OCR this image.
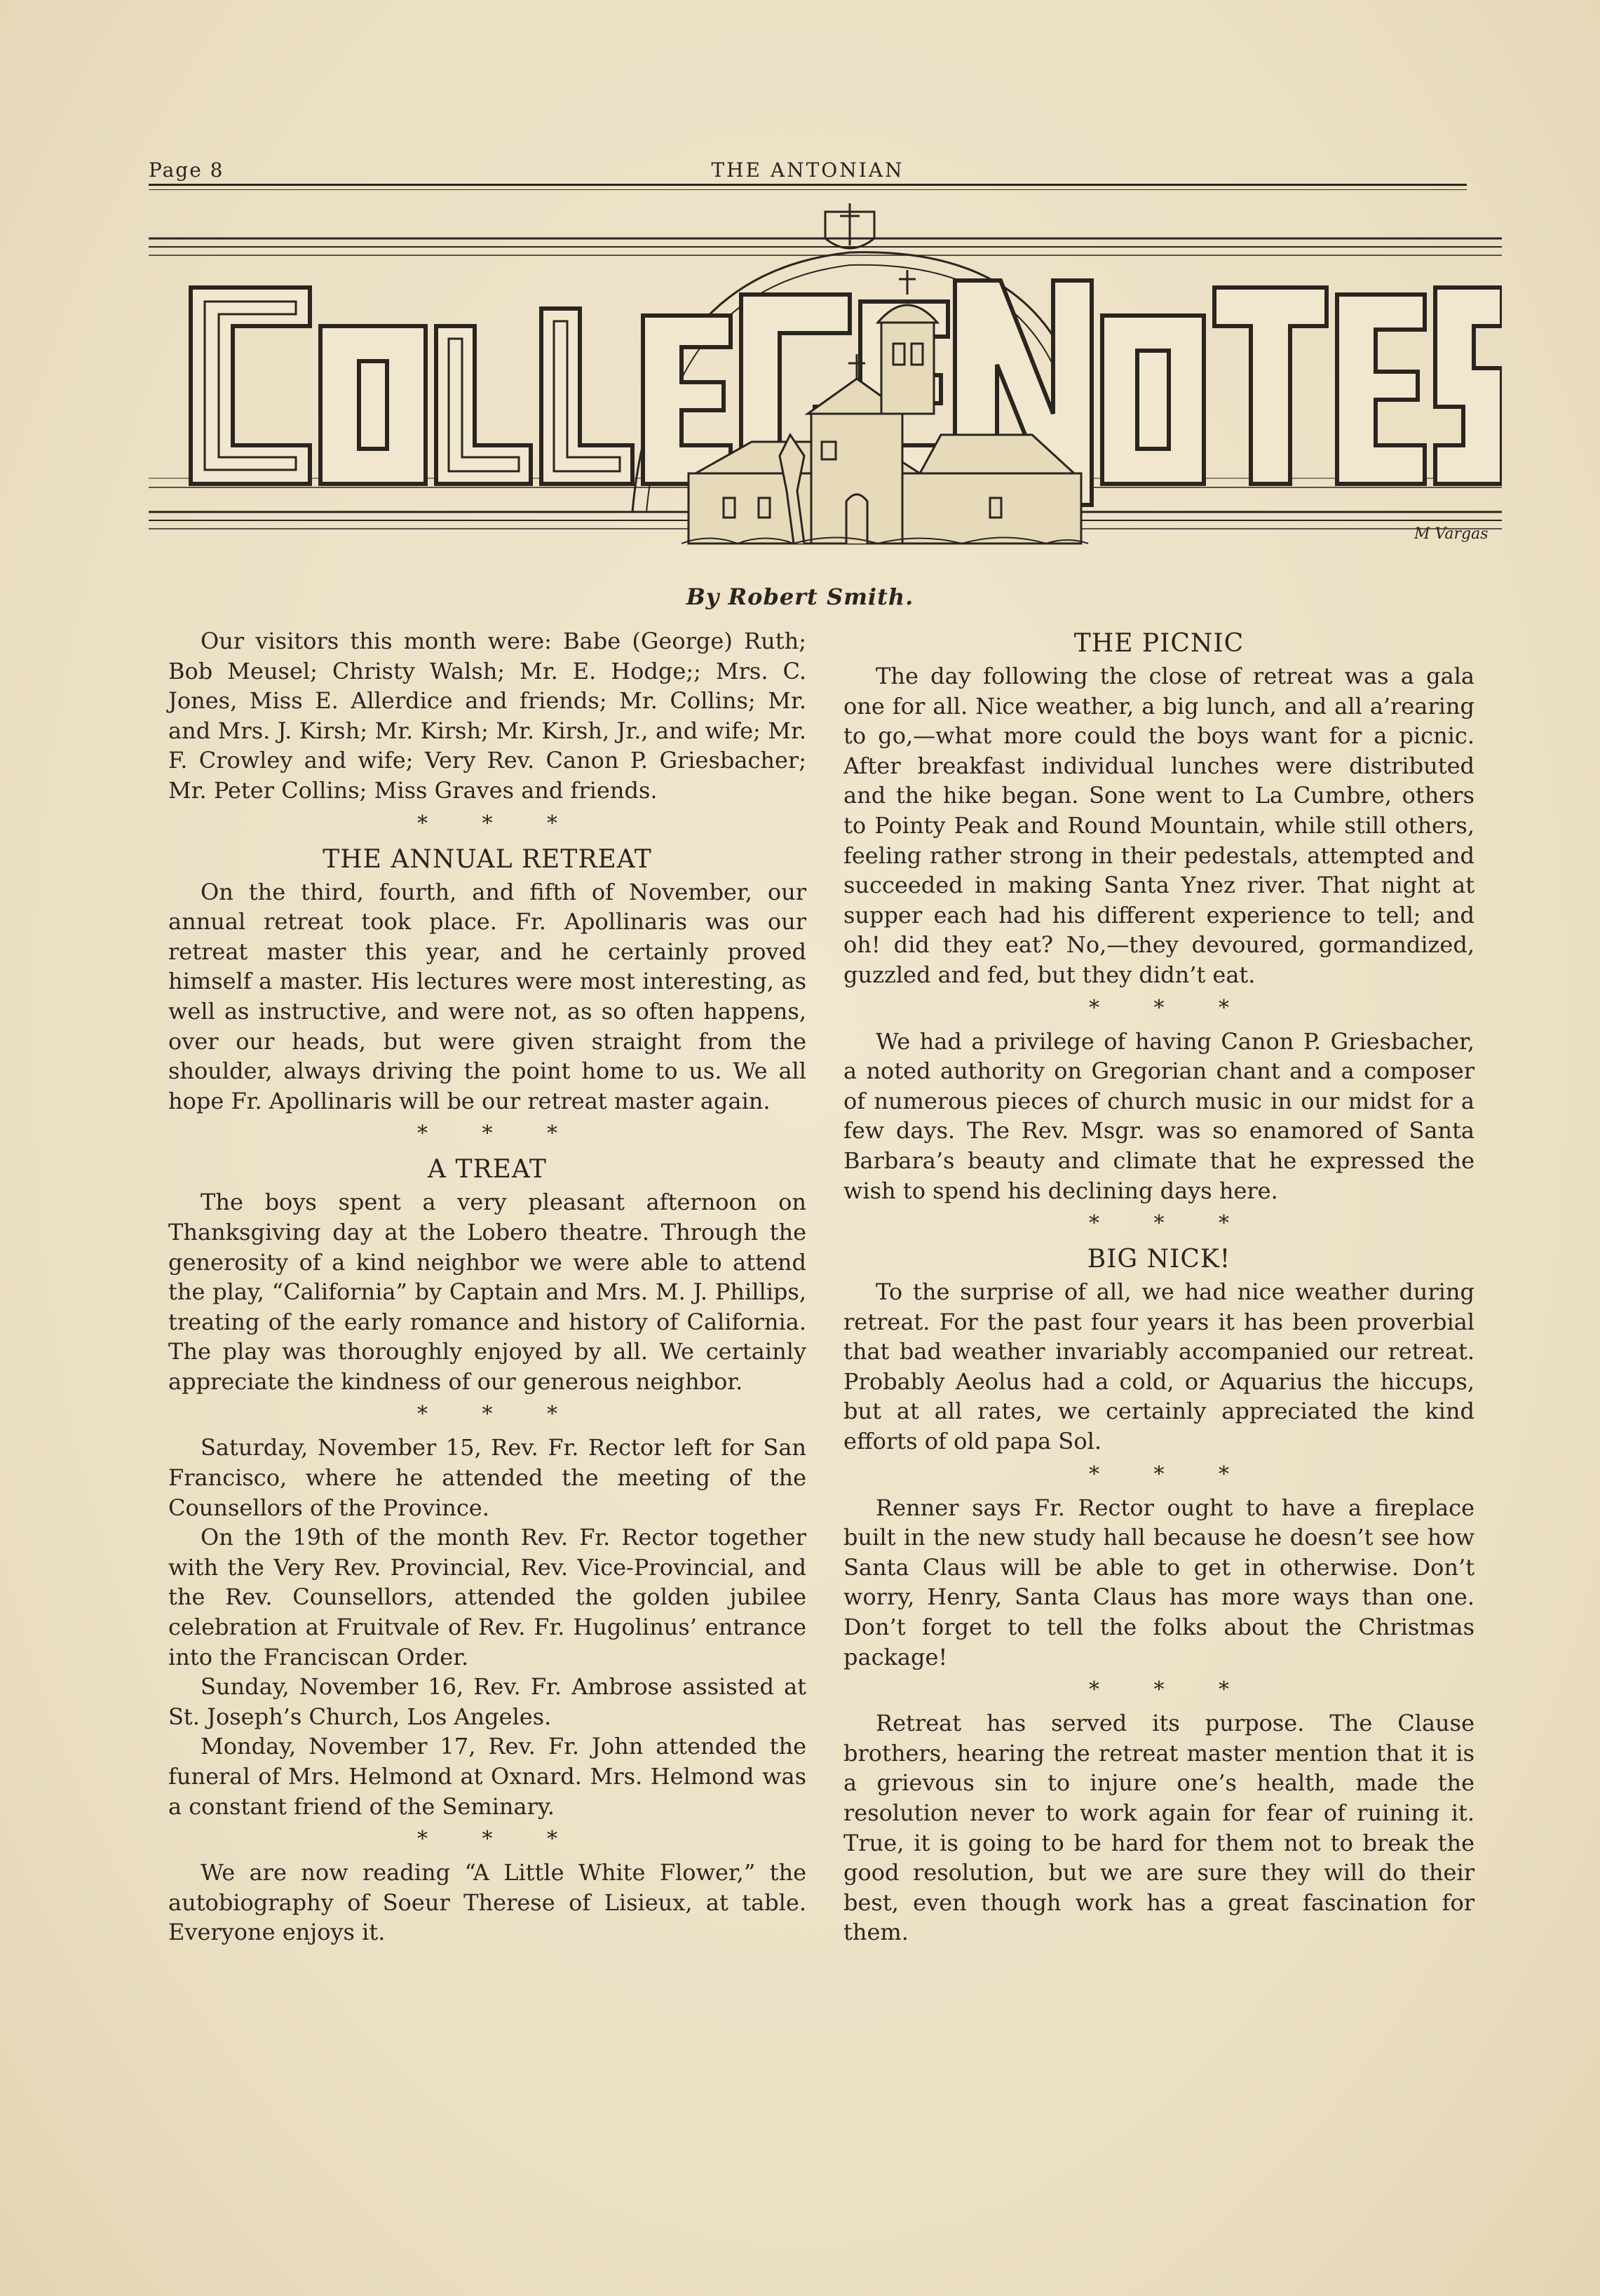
Page 8	THE ANTONIAN
M Vargas
By Robert Smith.

Our visitors this month were: Babe (George) Ruth; Bob Meusel; Christy Walsh; Mr. E. Hodge;; Mrs. C. Jones, Miss E. Allerdice and friends; Mr. Collins; Mr. and Mrs. J. Kirsh; Mr. Kirsh; Mr. Kirsh, Jr., and wife; Mr. F. Crowley and wife; Very Rev. Canon P. Griesbacher; Mr. Peter Collins; Miss Graves and friends.

* * *
THE ANNUAL RETREAT

On the third, fourth, and fifth of November, our annual retreat took place. Fr. Apollinaris was our retreat master this year, and he certainly proved himself a master. His lectures were most interesting, as well as instructive, and were not, as so often happens, over our heads, but were given straight from the shoulder, always driving the point home to us. We all hope Fr. Apollinaris will be our retreat master again.

* * *
A TREAT

The boys spent a very pleasant afternoon on Thanksgiving day at the Lobero theatre. Through the generosity of a kind neighbor we were able to attend the play, “California” by Captain and Mrs. M. J. Phillips, treating of the early romance and history of California. The play was thoroughly enjoyed by all. We certainly appreciate the kindness of our generous neighbor.

* * *

Saturday, November 15, Rev. Fr. Rector left for San Francisco, where he attended the meeting of the Counsellors of the Province.

On the 19th of the month Rev. Fr. Rector together with the Very Rev. Provincial, Rev. Vice-Provincial, and the Rev. Counsellors, attended the golden jubilee celebration at Fruitvale of Rev. Fr. Hugolinus’ entrance into the Franciscan Order.

Sunday, November 16, Rev. Fr. Ambrose assisted at St. Joseph’s Church, Los Angeles.

Monday, November 17, Rev. Fr. John attended the funeral of Mrs. Helmond at Oxnard. Mrs. Helmond was a constant friend of the Seminary.

* * *

We are now reading “A Little White Flower,” the autobiography of Soeur Therese of Lisieux, at table. Everyone enjoys it.

THE PICNIC

The day following the close of retreat was a gala one for all. Nice weather, a big lunch, and all a’rearing to go,—what more could the boys want for a picnic. After breakfast individual lunches were distributed and the hike began. Sone went to La Cumbre, others to Pointy Peak and Round Mountain, while still others, feeling rather strong in their pedestals, attempted and succeeded in making Santa Ynez river. That night at supper each had his different experience to tell; and oh! did they eat? No,—they devoured, gormandized, guzzled and fed, but they didn’t eat.

* * *

We had a privilege of having Canon P. Griesbacher, a noted authority on Gregorian chant and a composer of numerous pieces of church music in our midst for a few days. The Rev. Msgr. was so enamored of Santa Barbara’s beauty and climate that he expressed the wish to spend his declining days here.

* * *
BIG NICK!

To the surprise of all, we had nice weather during retreat. For the past four years it has been proverbial that bad weather invariably accompanied our retreat. Probably Aeolus had a cold, or Aquarius the hiccups, but at all rates, we certainly appreciated the kind efforts of old papa Sol.

* * *

Renner says Fr. Rector ought to have a fireplace built in the new study hall because he doesn’t see how Santa Claus will be able to get in otherwise. Don’t worry, Henry, Santa Claus has more ways than one. Don’t forget to tell the folks about the Christmas package!

* * *

Retreat has served its purpose. The Clause brothers, hearing the retreat master mention that it is a grievous sin to injure one’s health, made the resolution never to work again for fear of ruining it. True, it is going to be hard for them not to break the good resolution, but we are sure they will do their best, even though work has a great fascination for them.
